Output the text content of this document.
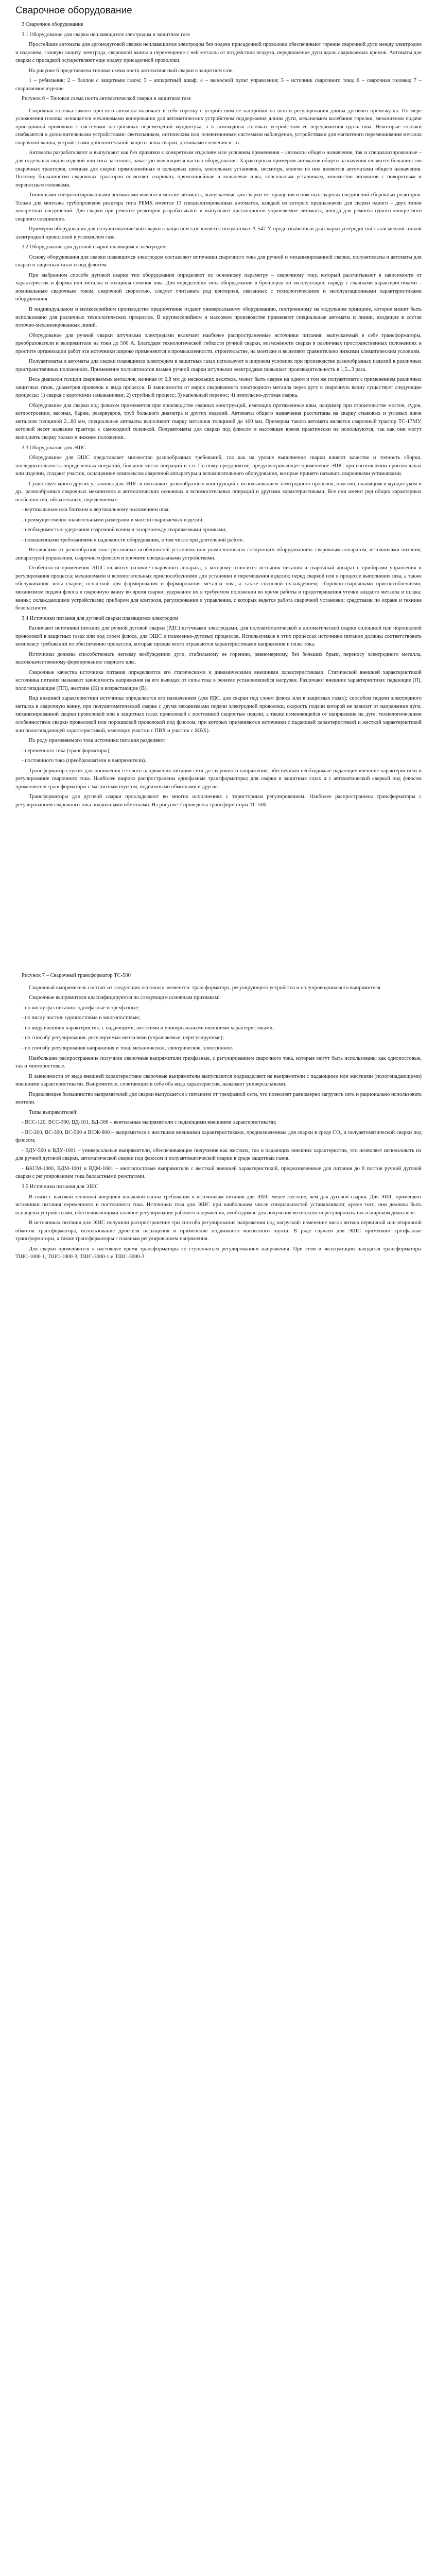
Сварочное оборудование

3 Сварочное оборудование

3.1 Оборудование для сварки неплавящимся электродом в защитном газе

Простейшие автоматы для аргонодуговой сварки неплавящимся электродом без подачи присадочной проволоки обеспечивают горение сварочной дуги между электродом и изделием, газовую защиту электрода, сварочной ванны и перемещение с ней металла от воздействия воздуха, передвижение дуги вдоль свариваемых кромок. Автоматы для сварки с присадкой осуществляют еще подачу присадочной проволоки.

На рисунке 6 представлена типовая схема поста автоматической сварки в защитном газе.

1 – рубильник; 2 – баллон с защитным газом; 3 – аппаратный шкаф; 4 – выносной пульт управления; 5 – источник сварочного тока; 6 – сварочная головка; 7 – свариваемое изделие

Рисунок 6 – Типовая схема поста автоматической сварки в защитном газе

Сварочная головка самого простого автомата включает в себя горелку с устройством ее настройки на шов и регулирования длины дугового промежутка. По мере усложнения головка оснащается механизмами копирования для автоматических устройством поддержания длины дуги, механизмом колебания горелки, механизмом подачи присадочной проволоки с системами настроечных перемещений мундштука, а в самоходных головках устройством ее передвижения вдоль шва. Некоторые головки снабжаются и дополнительными устройствами: светильником, оптическим или телевизионным системами наблюдения, устройствами для магнитного перемешивания металла сварочной ванны, устройствами дополнительной защиты зоны сварки, датчиками слежения и т.п.

Автоматы разрабатывают и выпускают как без привязки к конкретным изделиям или условиям применения – автоматы общего назначения, так и специализированные – для отдельных видов изделий или типа заготовок, зачастую являющиеся частью оборудования. Характерным примером автоматов общего назначения являются большинство сварочных тракторов, сменная для сварки прямолинейных и кольцевых швов, консольных установок, несмотря, многие из них являются автоматами общего назначения. Поэтому большинство сварочных тракторов позволяет сваривать прямолинейные и кольцевые швы, консольным установкам, множество автоматов с поворотным и переносным головками.

Типичными специализированными автоматами являются многие автоматы, выпускаемые для сварки тел вращения и поясных сварных соединений сборочных реакторов. Только для монтажа трубопроводов реактора типа РБМК имеется 13 специализированных автоматов, каждый из которых предназначен для сварки одного – двух типов конкретных соединений. Для сварки при ремонте реакторов разрабатывают и выпускают дистанционно управляемые автоматы, иногда для ремонта одного конкретного сварного соединения.

Примером оборудования для полуавтоматической сварки в защитном газе является полуавтомат А-547 У, предназначенный для сварки углеродистой стали мелкой тонкой электродной проволокой в углекислом газе.

3.2 Оборудование для дуговой сварки плавящимся электродом

Основу оборудования для сварки плавящимся электродом составляют источники сварочного тока для ручной и механизированной сварки, полуавтоматы и автоматы для сварки в защитных газах и под флюсом.

При выбранном способе дуговой сварки тип оборудования определяют по основному параметру – сварочному току, который рассчитывают в зависимости от характеристик и формы или металла и толщины сечения шва. Для определения типа оборудования в брошюрах по эксплуатации, наряду с главными характеристиками – номинальным сварочным током, сварочной скоростью, следует учитывать род критериев, связанных с технологическими и эксплуатационными характеристиками оборудования.

В индивидуальном и мелкосерийном производстве предпочтение отдают универсальному оборудованию, построенному на модульном принципе, которое может быть использовано для различных технологических процессов. В крупносерийном и массовом производстве применяют специальные автоматы и линии, входящие в состав поточно-механизированных линий.

Оборудование для ручной сварки штучными электродами включает наиболее распространенные источники питания: выпускаемый в себе трансформаторы, преобразователи и выпрямители на токи до 500 А. Благодаря технологической гибкости ручной сварки, возможности сварки в различных пространственных положениях и простоте организации работ эти источники широко применяются в промышленности, строительстве, на монтаже и выделяют сравнительно низкими климатическим условиям.

Полуавтоматы и автоматы для сварки плавящимся электродом в защитных газах используют в широком условиях при производстве разнообразных изделий в различных пространственных положениях. Применение полуавтоматов взамен ручной сварки штучными электродами повышает производительность в 1,5...3 раза.

Весь диапазон толщин свариваемых металлов, начиная от 0,8 мм до нескольких десятков, может быть сварен на одном и том же полуавтомате с применением различных защитных газов, диаметров проволок и вида процесса. В зависимости от марок свариваемого электродного металла через дугу в сварочную ванну существует следующие процессы: 1) сварка с короткими замыканиями; 2) струйный процесс; 3) капельный перенос; 4) импульсно-дуговая сварка.

Оборудование для сварки под флюсом применяется при производстве сварных конструкций, имеющих протяженные швы, например при строительстве мостов, судов, котлостроении, вагонах, барже, резервуаров, труб большого диаметра и других изделий. Автоматы общего назначения рассчитаны на сварку стыковых и угловых швов металлов толщиной 2...80 мм, специальные автоматы выполняют сварку металлов толщиной до 400 мм. Примером такого автомата является сварочный трактор ТС-17МУ, который несет название трактора с самоходной тележкой. Полуавтоматы для сварки под флюсом в настоящее время практически не используются, так как они могут выполнять сварку только в нижнем положении.

3.3 Оборудование для ЭШС

Оборудование для ЭШС представляет множество разнообразных требований, так как на уровне выполнения сварки влияют качество и точность сборки, последовательность определенных операций, большое число операций и т.п. Поэтому предприятие, предусматривающее применение ЭШС при изготовлении произвольных или изделии, создают участок, оснащенное комплексом сварочной аппаратуры и вспомогательного оборудования, которые принято называть сварочными установками.

Существует много других установок для ЭШС и неплавких разнообразных конструкций с использованием электродного проволок, пластин, плавящимся мундштуком и др., разнообразных сварочных механизмов и автоматических основных и вспомогательных операций и другими характеристиками. Все они имеют ряд общих характерных особенностей, обязательных, определяемых:

- вертикальным или близким к вертикальному положением шва;

- преимущественно значительными размерами и массой свариваемых изделий;

- необходимостью удержания сварочной ванны в зазоре между свариваемыми кромками;

- повышенными требованиями к надежности оборудования, в том числе при длительной работе.

Независимо от разнообразия конструктивных особенностей установок они укомплектованы следующим оборудованием: сварочным аппаратом, источниками питания, аппаратурой управления, сварочным флюсом и прочими специальными устройствами.

Особенности применения ЭШС являются наличие сварочного аппарата, к которому относится источник питания и сварочный аппарат с приборами управления и регулирования процесса; механизмами и вспомогательных приспособлениями для установки и перемещения изделия; перед сваркой или в процессе выполнения шва, а также обслуживания зоны сварки; оснасткой для формирования и формирования металла шва, а также сосновой охлаждением; сборочно-сварочными приспособлениями; механизмом подачи флюса в сварочную ванну во время сварки; удержание их в требуемом положении во время работы и предотвращения утечки жидкого металла и шлака; ванны; охлаждающими устройствами; прибором для контроля, регулирования и управления, с которых ведется работа сварочной установки; средствами по охране и технике безопасности.

3.4 Источники питания для дуговой сварки плавящимся электродом

Различают источники питания для ручной дуговой сварки (РДС) штучными электродами, для полуавтоматической и автоматической сварки сплошной или порошковой проволокой в защитных газах или под слоем флюса, для ЭШС и плазменно-дуговых процессов. Используемые в этих процессах источники питания должны соответствовать комплексу требований по обеспечению процессов, которые прежде всего отражаются характеристиками напряжения и силы тока.

Источники должны способствовать легкому возбуждению дуги, стабильному ее горению, равномерному, без больших брызг, переносу электродного металла, высококачественному формированию сварного шва.

Сварочные качества источника питания определяются его статическими и динамическими внешними характеристиками. Статической внешней характеристикой источника питания называют зависимость напряжения на его выводах от силы тока в режиме установившейся нагрузки. Различают внешние характеристики: падающие (П), пологопадающие (ПП), жесткие (Ж) и возрастающие (В).

Вид внешней характеристики источника определяется его назначением (для РДС, для сварки под слоем флюса или в защитных газах); способом подачи электродного металла в сварочную ванну, при полуавтоматической сварке с двумя механизмами подачи электродной проволоки, скорость подачи которой не зависит от напряжения дуги, механизированной сварки проволокой или в защитных газах проволокой с постоянной скоростью подачи, а также изменяющейся от напряжения на дуге; технологическими особенностями сварки проволокой или порошковой проволокой под флюсом, при которых применяются источники с падающей характеристикой и жесткой характеристикой или пологопадающей характеристикой, имеющих участки с ПВХ и участок с ЖВХ).

По роду применяемого тока источники питания разделяют:

- переменного тока (трансформаторы);

- постоянного тока (преобразователи и выпрямители).

Трансформатор служит для понижения сетевого напряжения питания сети до сварочного напряжения, обеспечивая необходимые падающие внешние характеристики и регулирование сварочного тока. Наиболее широко распространены однофазные трансформаторы; для сварки в защитных газах и с автоматической сваркой под флюсом применяются трансформаторы с магнитным шунтом, подвижными обмотками и другие.

Трансформаторы для дуговой сварки прокладывают во многих исполнениях с тиристорным регулированием. Наиболее распространены трансформаторы с регулированием сварочного тока подвижными обмотками. На рисунке 7 приведены трансформаторы ТС-500.

Рисунок 7 – Сварочный трансформатор ТС-500

Сварочный выпрямитель состоит из следующих основных элементов: трансформатора, регулирующего устройства и полупроводникового выпрямителя.

Сварочные выпрямители классифицируются по следующим основным признакам:

- по числу фаз питания: однофазные и трехфазные;

- по числу постов: однопостовые и многопостовые;

- по виду внешних характеристик: с падающими, жесткими и универсальными внешними характеристиками;

- по способу регулирования: регулируемые вентилями (управляемые, нерегулируемые);

- по способу регулирования напряжения и тока: механическое, электрическое, электронное.

Наибольшее распространение получили сварочные выпрямители трехфазные, с регулированием сварочного тока, которые могут быть использованы как однопостовые, так и многопостовые.

В зависимости от вида внешней характеристики сварочные выпрямители выпускаются подразделяют на выпрямители с падающими или жесткими (пологопадающими) внешними характеристиками. Выпрямители, сочетающие в себе оба вида характеристик, называют универсальными.

Подавляющее большинство выпрямителей для сварки выпускается с питанием от трехфазной сети, что позволяет равномерно загрузить сеть и рационально использовать вентили.

Типы выпрямителей:

- ВСС-120, ВСС-300, ВД-101, ВД-306 – вентильные выпрямители с падающими внешними характеристиками;

- ВС-200, ВС-300, ВС-500 и ВСЖ-600 – выпрямители с жесткими внешними характеристиками, предназначенные для сварки в среде CO₂ и полуавтоматической сварки под флюсом;

- ВДУ-500 и ВДУ-1001 – универсальные выпрямители, обеспечивающие получение как жестких, так и падающих внешних характеристик, что позволяет использовать их для ручной дуговой сварки, автоматической сварки под флюсом и полуавтоматической сварки в среде защитных газов.

- ВКСМ-1000, ВДМ-1001 и ВДМ-1601 – многопостовые выпрямители с жесткой внешней характеристикой, предназначенные для питания до 8 постов ручной дуговой сварки с регулированием тока балластными реостатами.

3.5 Источники питания для ЭШС

В связи с высокой тепловой инерцией шлаковой ванны требования к источникам питания для ЭШС менее жесткие, чем для дуговой сварки. Для ЭШС применяют источники питания переменного и постоянного тока. Источники тока для ЭШС при наибольшем числе специальностей устанавливают, кроме того, они должны быть оснащены устройствами, обеспечивающими плавное регулирование рабочего напряжения, необходимое для получения возможности регулировать ток в широком диапазоне.

В источниках питания для ЭШС получили распространение три способа регулирования напряжения под нагрузкой: изменение числа витков первичной или вторичной обмоток трансформатора, использование дросселя насыщения и применение подвижного магнитного шунта. В ряде случаев для ЭШС применяют трехфазные трансформаторы, а также трансформаторы с плавным регулированием напряжения.

Для сварки применяются в настоящее время трансформаторы со ступенчатым регулированием напряжения. При этом в эксплуатации находятся трансформаторы ТШС-1000-1, ТШС-1000-3, ТШС-3000-1 и ТШС-3000-3.
